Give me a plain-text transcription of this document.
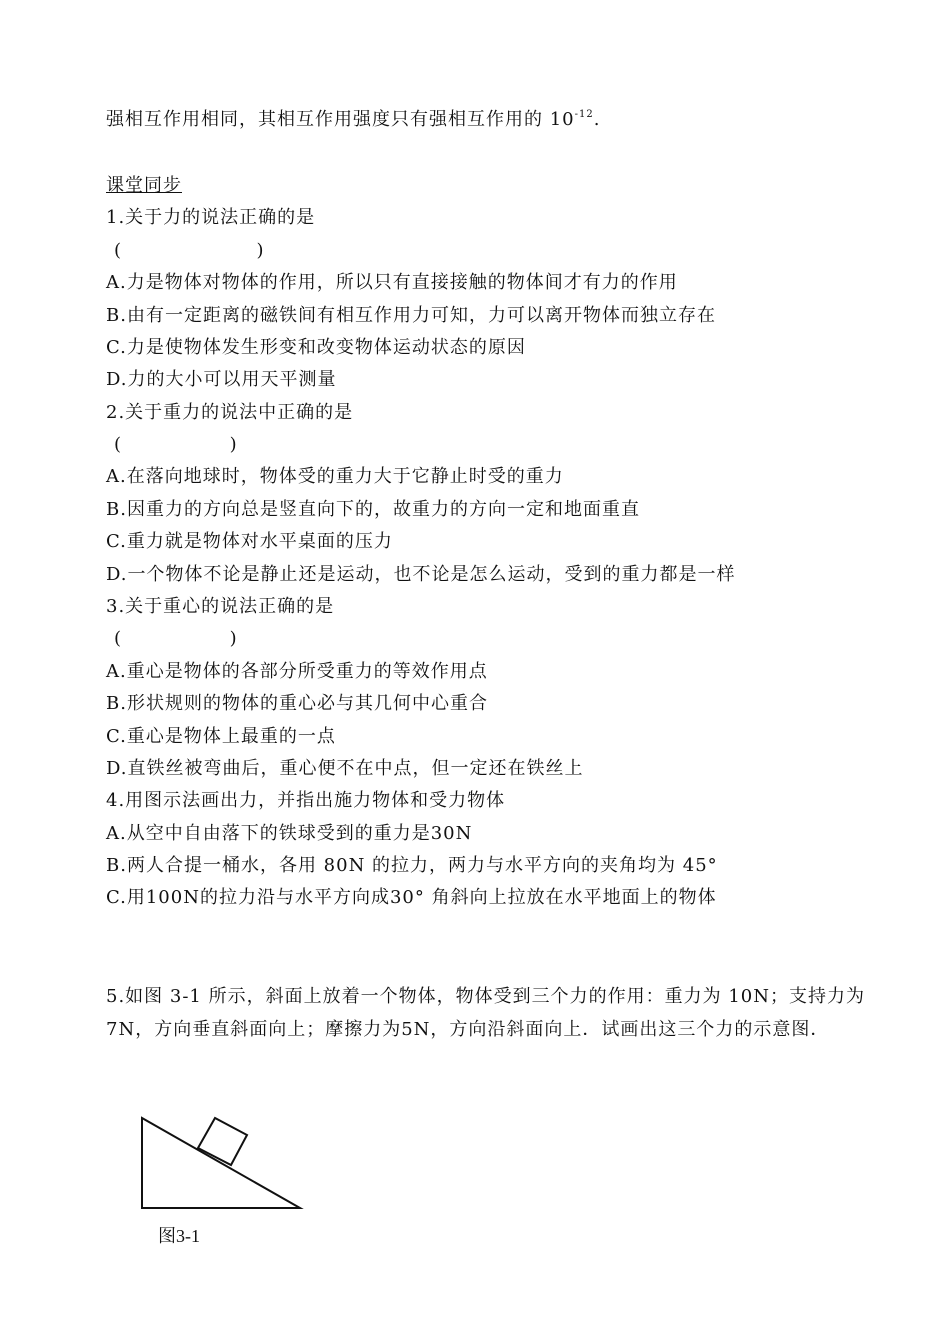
强相互作用相同，其相互作用强度只有强相互作用的 $10^{-12}$.
课堂同步
1.关于力的说法正确的是
(                    )
A.力是物体对物体的作用，所以只有直接接触的物体间才有力的作用
B.由有一定距离的磁铁间有相互作用力可知，力可以离开物体而独立存在
C.力是使物体发生形变和改变物体运动状态的原因
D.力的大小可以用天平测量
2.关于重力的说法中正确的是
(                )
A.在落向地球时，物体受的重力大于它静止时受的重力
B.因重力的方向总是竖直向下的，故重力的方向一定和地面重直
C.重力就是物体对水平桌面的压力
D.一个物体不论是静止还是运动，也不论是怎么运动，受到的重力都是一样
3.关于重心的说法正确的是
(                )
A.重心是物体的各部分所受重力的等效作用点
B.形状规则的物体的重心必与其几何中心重合
C.重心是物体上最重的一点
D.直铁丝被弯曲后，重心便不在中点，但一定还在铁丝上
4.用图示法画出力，并指出施力物体和受力物体
A.从空中自由落下的铁球受到的重力是30N
B.两人合提一桶水，各用 80N 的拉力，两力与水平方向的夹角均为 45°
C.用100N的拉力沿与水平方向成30° 角斜向上拉放在水平地面上的物体
5.如图 3-1 所示，斜面上放着一个物体，物体受到三个力的作用：重力为 10N；支持力为7N，方向垂直斜面向上；摩擦力为5N，方向沿斜面向上．试画出这三个力的示意图．
图3-1
